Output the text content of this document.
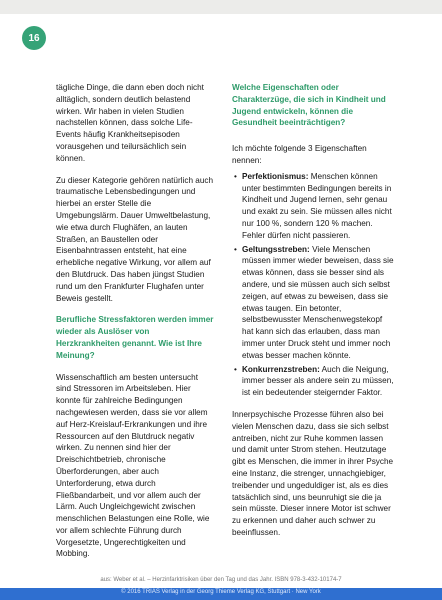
16

tägliche Dinge, die dann eben doch nicht alltäglich, sondern deutlich belastend wirken. Wir haben in vielen Studien nachstellen können, dass solche Life-Events häufig Krankheitsepisoden vorausgehen und teilursächlich sein können.

Zu dieser Kategorie gehören natürlich auch traumatische Lebensbedingungen und hierbei an erster Stelle die Umgebungslärm. Dauer Umweltbelastung, wie etwa durch Flughäfen, an lauten Straßen, an Baustellen oder Eisenbahntrassen entsteht, hat eine erhebliche negative Wirkung, vor allem auf den Blutdruck. Das haben jüngst Studien rund um den Frankfurter Flughafen unter Beweis gestellt.

Berufliche Stressfaktoren werden immer wieder als Auslöser von Herzkrankheiten genannt. Wie ist Ihre Meinung?

Wissenschaftlich am besten untersucht sind Stressoren im Arbeitsleben. Hier konnte für zahlreiche Bedingungen nachgewiesen werden, dass sie vor allem auf Herz-Kreislauf-Erkrankungen und ihre Ressourcen auf den Blutdruck negativ wirken. Zu nennen sind hier der Dreischichtbetrieb, chronische Überforderungen, aber auch Unterforderung, etwa durch Fließbandarbeit, und vor allem auch der Lärm. Auch Ungleichgewicht zwischen menschlichen Belastungen eine Rolle, wie vor allem schlechte Führung durch Vorgesetzte, Ungerechtigkeiten und Mobbing.

Welche Eigenschaften oder Charakterzüge, die sich in Kindheit und Jugend entwickeln, können die Gesundheit beeinträchtigen?

Ich möchte folgende 3 Eigenschaften nennen:

• Perfektionismus: Menschen können unter bestimmten Bedingungen bereits in Kindheit und Jugend lernen, sehr genau und exakt zu sein. Sie müssen alles nicht nur 100 %, sondern 120 % machen. Fehler dürfen nicht passieren.
• Geltungsstreben: Viele Menschen müssen immer wieder beweisen, dass sie etwas können, dass sie besser sind als andere, und sie müssen auch sich selbst zeigen, auf etwas zu beweisen, dass sie etwas taugen. Ein betonter, selbstbewusster Menschenwegstekopf hat kann sich das erlauben, dass man immer unter Druck steht und immer noch etwas besser machen könnte.
• Konkurrenzstreben: Auch die Neigung, immer besser als andere sein zu müssen, ist ein bedeutender steigernder Faktor.

Innerpsychische Prozesse führen also bei vielen Menschen dazu, dass sie sich selbst antreiben, nicht zur Ruhe kommen lassen und damit unter Strom stehen. Heutzutage gibt es Menschen, die immer in ihrer Psyche eine Instanz, die strenger, unnachgiebiger, treibender und ungeduldiger ist, als es dies tatsächlich sind, uns beunruhigt sie die ja sein müsste. Dieser innere Motor ist schwer zu erkennen und daher auch schwer zu beeinflussen.

aus: Weber et al. – Herzinfarktrisiken über den Tag und das Jahr. ISBN 978-3-432-10174-7
© 2016 TRIAS Verlag in der Georg Thieme Verlag KG, Stuttgart · New York
